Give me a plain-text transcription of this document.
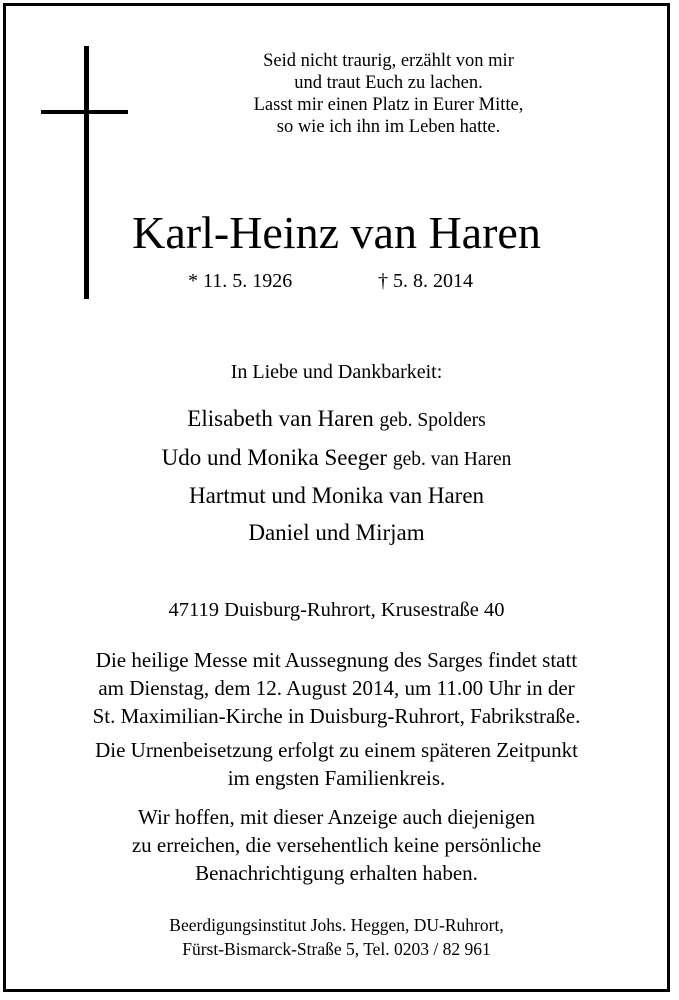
Seid nicht traurig, erzählt von mir
und traut Euch zu lachen.
Lasst mir einen Platz in Eurer Mitte,
so wie ich ihn im Leben hatte.
Karl-Heinz van Haren
* 11. 5. 1926	† 5. 8. 2014
In Liebe und Dankbarkeit:
Elisabeth van Haren geb. Spolders
Udo und Monika Seeger geb. van Haren
Hartmut und Monika van Haren
Daniel und Mirjam
47119 Duisburg-Ruhrort, Krusestraße 40
Die heilige Messe mit Aussegnung des Sarges findet statt
am Dienstag, dem 12. August 2014, um 11.00 Uhr in der
St. Maximilian-Kirche in Duisburg-Ruhrort, Fabrikstraße.
Die Urnenbeisetzung erfolgt zu einem späteren Zeitpunkt
im engsten Familienkreis.
Wir hoffen, mit dieser Anzeige auch diejenigen
zu erreichen, die versehentlich keine persönliche
Benachrichtigung erhalten haben.
Beerdigungsinstitut Johs. Heggen, DU-Ruhrort,
Fürst-Bismarck-Straße 5, Tel. 0203 / 82 961
